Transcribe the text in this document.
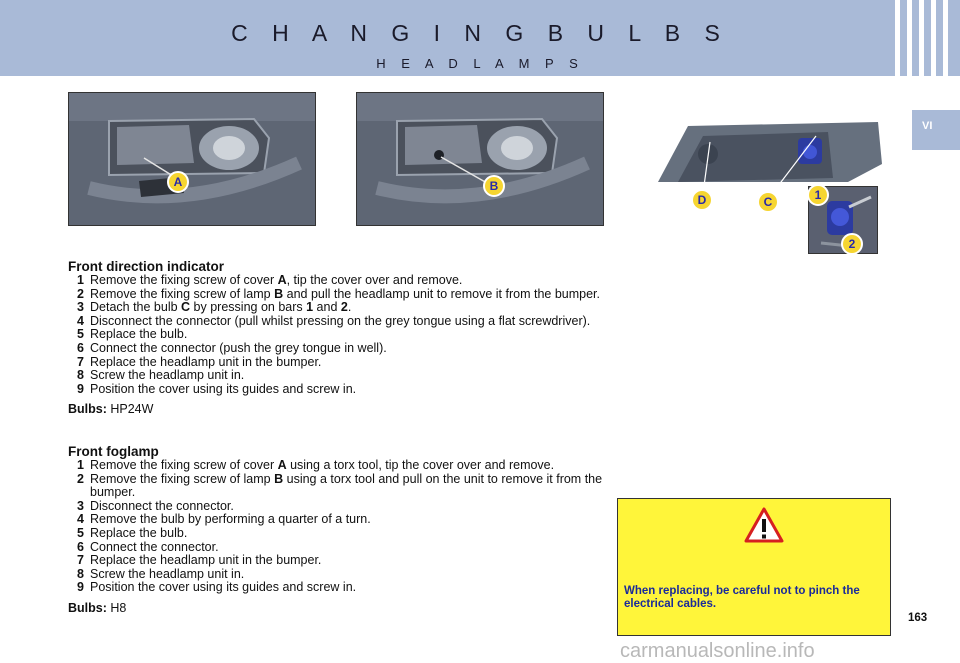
C H A N G I N G B U L B S
H E A D L A M P S
VI
A	B
D	C	1
2
Front direction indicator
1 Remove the fixing screw of cover A, tip the cover over and remove.
2 Remove the fixing screw of lamp B and pull the headlamp unit to remove it from the bumper.
3 Detach the bulb C by pressing on bars 1 and 2.
4 Disconnect the connector (pull whilst pressing on the grey tongue using a flat screwdriver).
5 Replace the bulb.
6 Connect the connector (push the grey tongue in well).
7 Replace the headlamp unit in the bumper.
8 Screw the headlamp unit in.
9 Position the cover using its guides and screw in.
Bulbs: HP24W
Front foglamp
1 Remove the fixing screw of cover A using a torx tool, tip the cover over and remove.
2 Remove the fixing screw of lamp B using a torx tool and pull on the unit to remove it from the bumper.
3 Disconnect the connector.
4 Remove the bulb by performing a quarter of a turn.
5 Replace the bulb.
6 Connect the connector.
7 Replace the headlamp unit in the bumper.
8 Screw the headlamp unit in.
9 Position the cover using its guides and screw in.
Bulbs: H8
When replacing, be careful not to pinch the electrical cables.
163
carmanualsonline.info
